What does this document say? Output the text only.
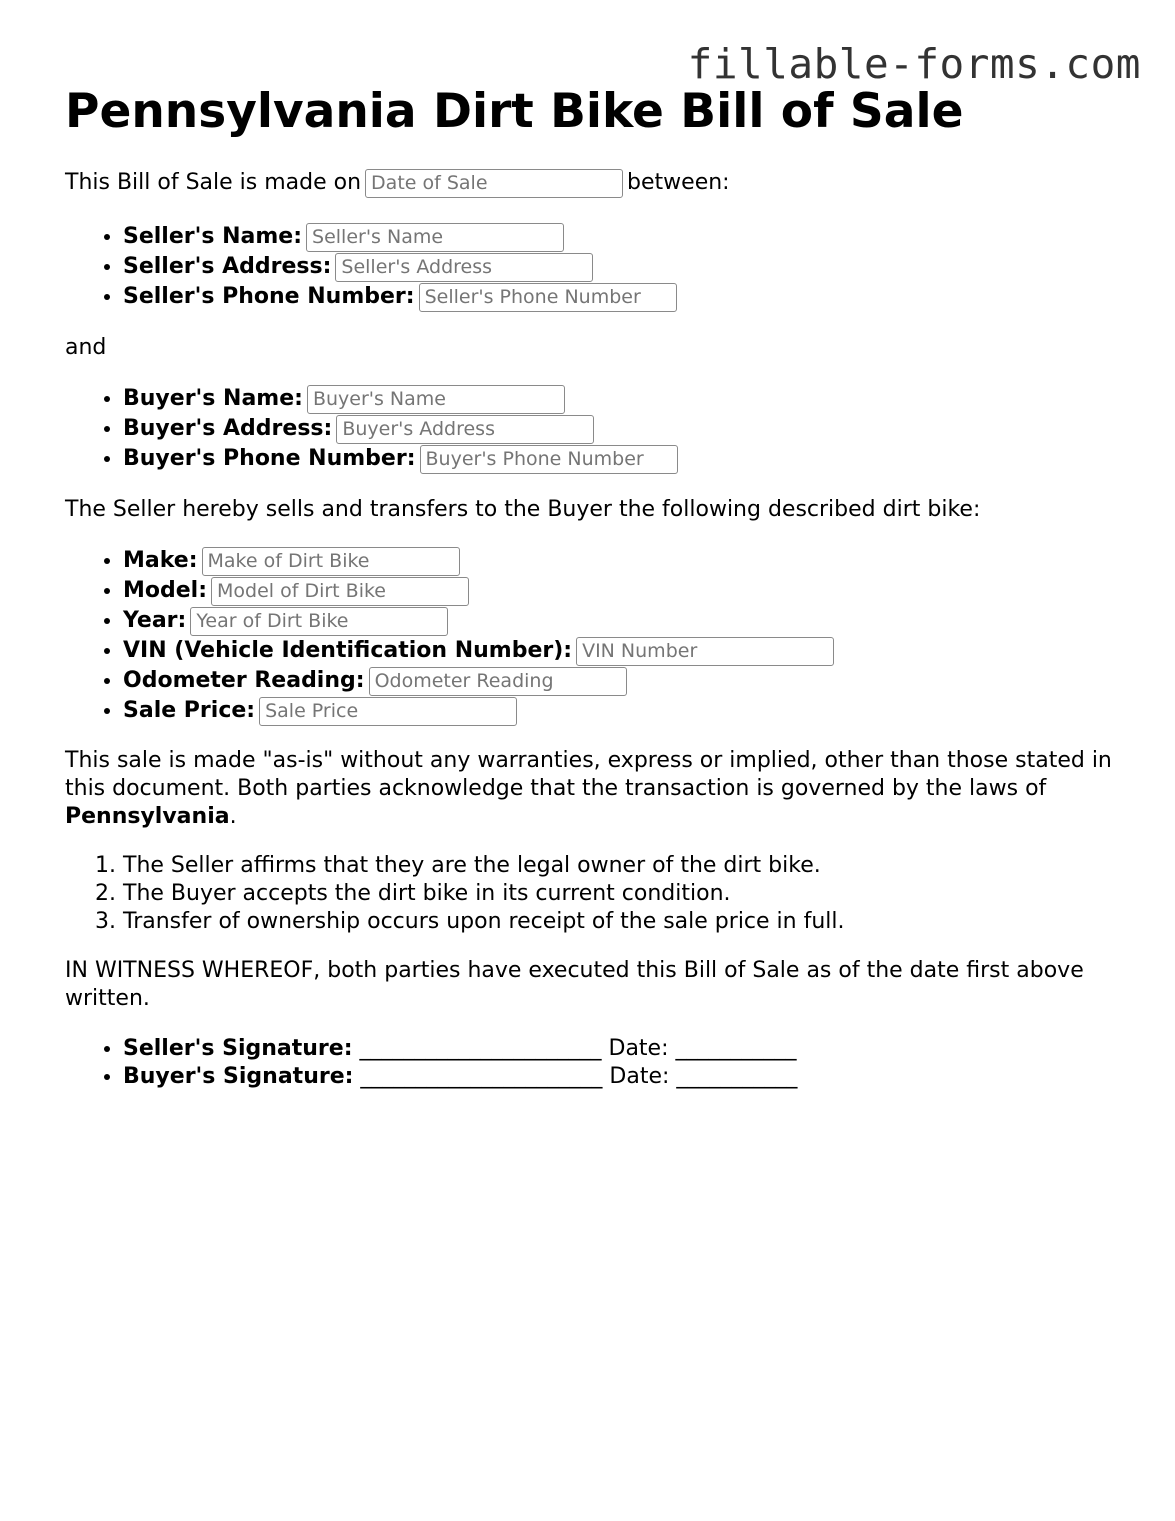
fillable-forms.com
Pennsylvania Dirt Bike Bill of Sale

This Bill of Sale is made onDate of Sale	between:

• Seller's Name:Seller's Name
• Seller's Address:Seller's Address
• Seller's Phone Number:Seller's Phone Number

and

• Buyer's Name:Buyer's Name
• Buyer's Address:Buyer's Address
• Buyer's Phone Number:Buyer's Phone Number

The Seller hereby sells and transfers to the Buyer the following described dirt bike:

• Make:Make of Dirt Bike
• Model:Model of Dirt Bike
• Year:Year of Dirt Bike
• VIN (Vehicle Identification Number):VIN Number
• Odometer Reading:Odometer Reading
• Sale Price:Sale Price

This sale is made "as-is" without any warranties, express or implied, other than those stated in this document. Both parties acknowledge that the transaction is governed by the laws of Pennsylvania.

1. The Seller affirms that they are the legal owner of the dirt bike.
2. The Buyer accepts the dirt bike in its current condition.
3. Transfer of ownership occurs upon receipt of the sale price in full.

IN WITNESS WHEREOF, both parties have executed this Bill of Sale as of the date first above written.

• Seller's Signature: ______________________ Date: ___________
• Buyer's Signature: ______________________ Date: ___________
